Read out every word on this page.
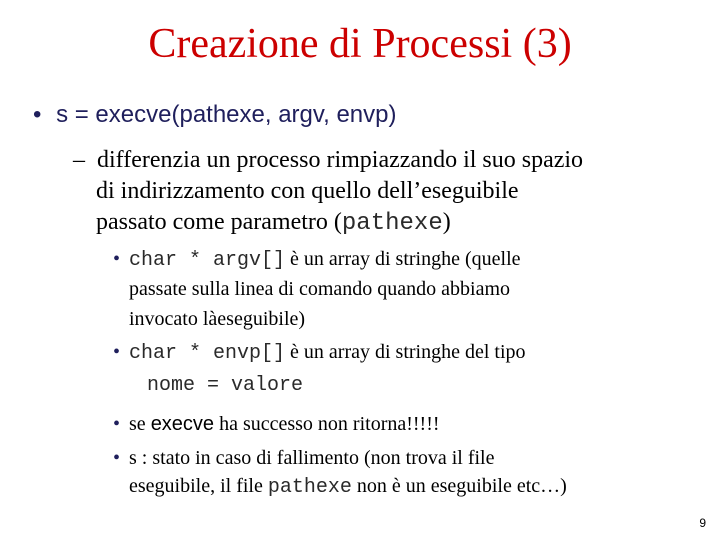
Creazione di Processi (3)
• s = execve(pathexe, argv, envp)
– differenzia un processo rimpiazzando il suo spazio
di indirizzamento con quello dell’eseguibile
passato come parametro (pathexe)
• char * argv[] è un array di stringhe (quelle
passate sulla linea di comando quando abbiamo
invocato làeseguibile)
• char * envp[] è un array di stringhe del tipo
nome = valore
• se execve ha successo non ritorna!!!!!
• s : stato in caso di fallimento (non trova il file
eseguibile, il file pathexe non è un eseguibile etc…)
9
